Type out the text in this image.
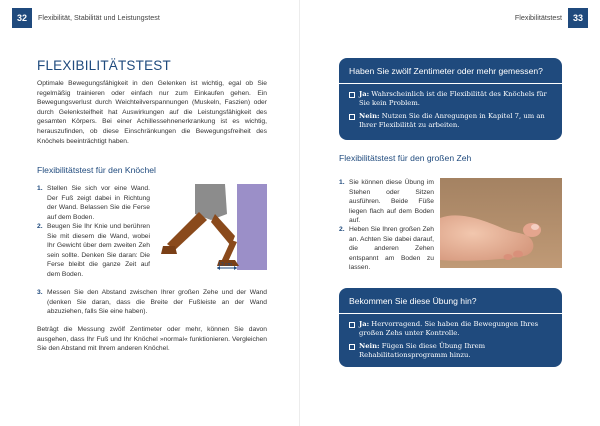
32	Flexibilität, Stabilität und Leistungstest	Flexibilitätstest	33
FLEXIBILITÄTSTEST
Optimale Bewegungsfähigkeit in den Gelenken ist wichtig, egal ob Sie regelmäßig trainieren oder einfach nur zum Einkaufen gehen. Ein Bewegungsverlust durch Weichteilverspannungen (Muskeln, Faszien) oder durch Gelenksteifheit hat Auswirkungen auf die Leistungsfähigkeit des gesamten Körpers. Bei einer Achillessehnenerkrankung ist es wichtig, herauszufinden, ob diese Einschränkungen die Bewegungsfreiheit des Knöchels beeinträchtigt haben.
Flexibilitätstest für den Knöchel
1. Stellen Sie sich vor eine Wand. Der Fuß zeigt dabei in Richtung der Wand. Belassen Sie die Ferse auf dem Boden.
2. Beugen Sie Ihr Knie und berühren Sie mit diesem die Wand, wobei Ihr Gewicht über dem zweiten Zeh sein sollte. Denken Sie daran: Die Ferse bleibt die ganze Zeit auf dem Boden.
3. Messen Sie den Abstand zwischen Ihrer großen Zehe und der Wand (denken Sie daran, dass die Breite der Fußleiste an der Wand abzuziehen, falls Sie eine haben).
Beträgt die Messung zwölf Zentimeter oder mehr, können Sie davon ausgehen, dass Ihr Fuß und Ihr Knöchel »normal« funktionieren. Vergleichen Sie den Abstand mit Ihrem anderen Knöchel.
12 cm
Haben Sie zwölf Zentimeter oder mehr gemessen?
Ja: Wahrscheinlich ist die Flexibilität des Knöchels für Sie kein Problem.
Nein: Nutzen Sie die Anregungen in Kapitel 7, um an Ihrer Flexibilität zu arbeiten.
Flexibilitätstest für den großen Zeh
1. Sie können diese Übung im Stehen oder Sitzen ausführen. Beide Füße liegen flach auf dem Boden auf.
2. Heben Sie Ihren großen Zeh an. Achten Sie dabei darauf, die anderen Zehen entspannt am Boden zu lassen.
Bekommen Sie diese Übung hin?
Ja: Hervorragend. Sie haben die Bewegungen Ihres großen Zehs unter Kontrolle.
Nein: Fügen Sie diese Übung Ihrem Rehabilitationsprogramm hinzu.
